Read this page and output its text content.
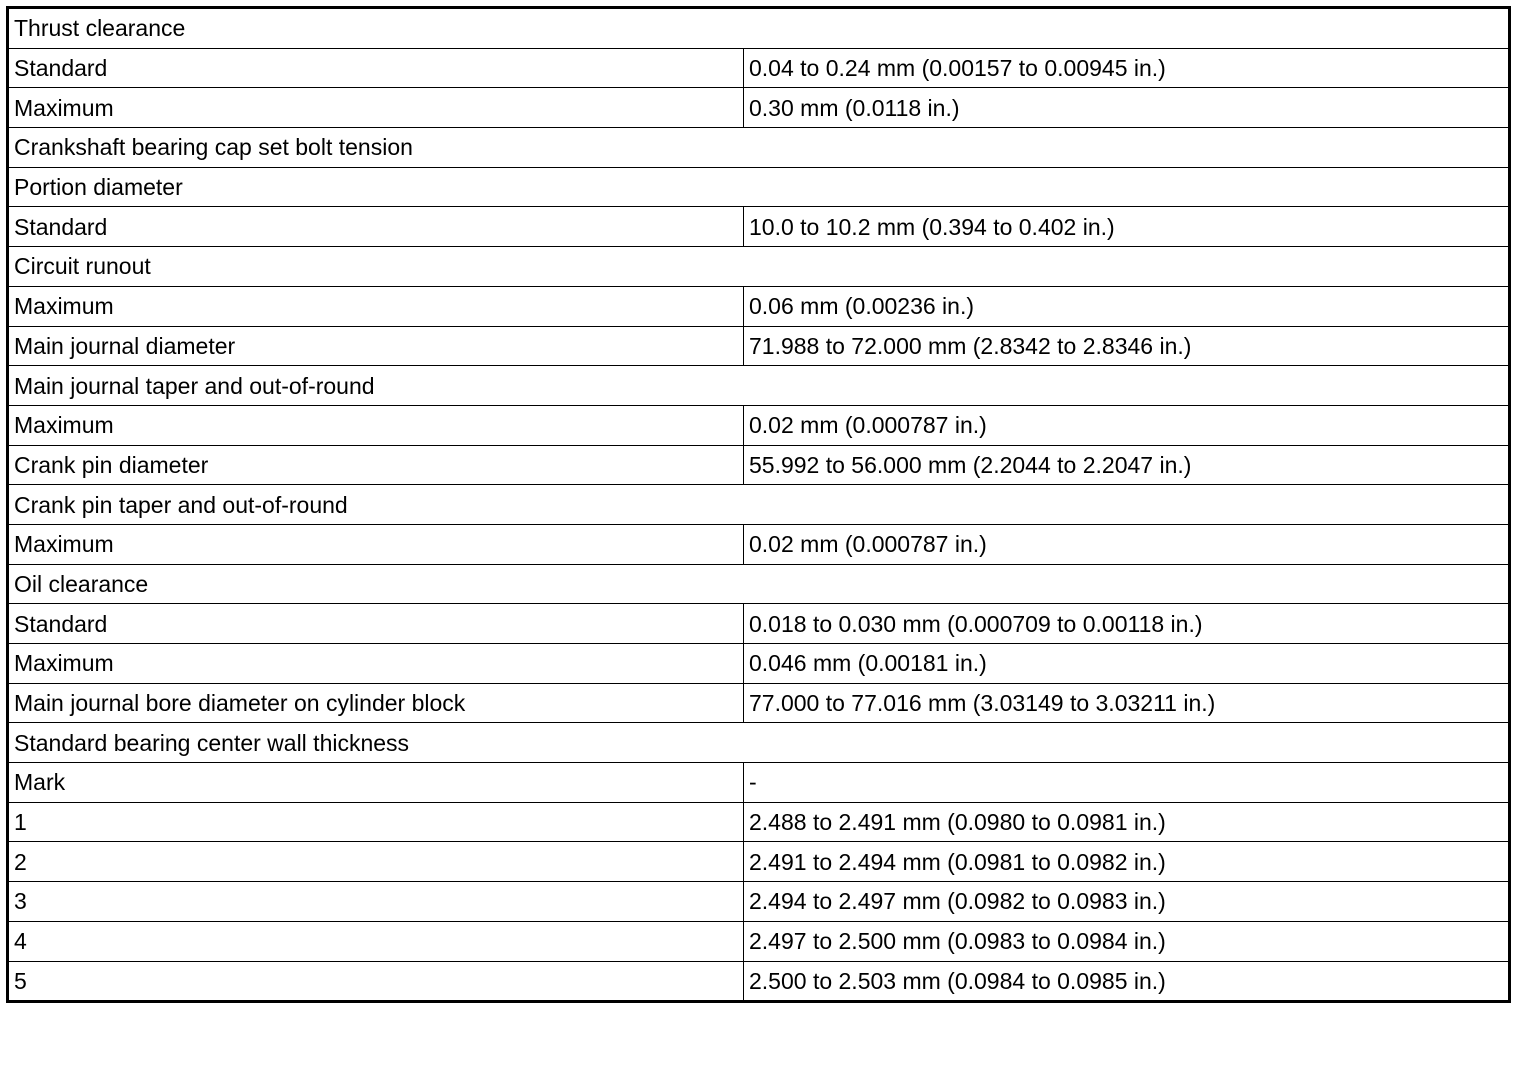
Thrust clearance	
Standard	0.04 to 0.24 mm (0.00157 to 0.00945 in.)
Maximum	0.30 mm (0.0118 in.)
Crankshaft bearing cap set bolt tension	
Portion diameter	
Standard	10.0 to 10.2 mm (0.394 to 0.402 in.)
Circuit runout	
Maximum	0.06 mm (0.00236 in.)
Main journal diameter	71.988 to 72.000 mm (2.8342 to 2.8346 in.)
Main journal taper and out-of-round	
Maximum	0.02 mm (0.000787 in.)
Crank pin diameter	55.992 to 56.000 mm (2.2044 to 2.2047 in.)
Crank pin taper and out-of-round	
Maximum	0.02 mm (0.000787 in.)
Oil clearance	
Standard	0.018 to 0.030 mm (0.000709 to 0.00118 in.)
Maximum	0.046 mm (0.00181 in.)
Main journal bore diameter on cylinder block	77.000 to 77.016 mm (3.03149 to 3.03211 in.)
Standard bearing center wall thickness	
Mark	-
1	2.488 to 2.491 mm (0.0980 to 0.0981 in.)
2	2.491 to 2.494 mm (0.0981 to 0.0982 in.)
3	2.494 to 2.497 mm (0.0982 to 0.0983 in.)
4	2.497 to 2.500 mm (0.0983 to 0.0984 in.)
5	2.500 to 2.503 mm (0.0984 to 0.0985 in.)
